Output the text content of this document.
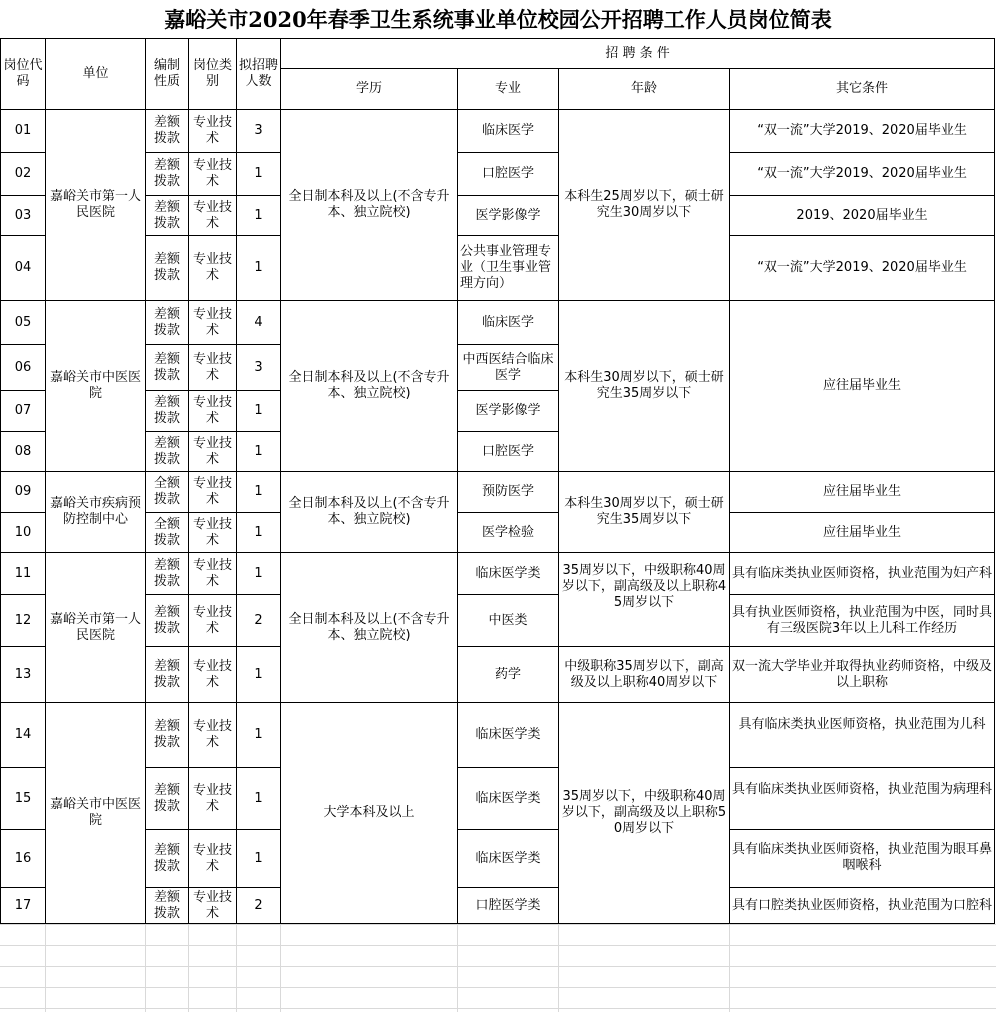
嘉峪关市2020年春季卫生系统事业单位校园公开招聘工作人员岗位简表
岗位代码	单位	编制性质	岗位类别	拟招聘人数	招 聘 条 件			
					学历	专业	年龄	其它条件
01	嘉峪关市第一人民医院	差额拨款	专业技术	3	全日制本科及以上(不含专升本、独立院校)	临床医学	本科生25周岁以下，硕士研究生30周岁以下	“双一流”大学2019、2020届毕业生
02		差额拨款	专业技术	1		口腔医学		“双一流”大学2019、2020届毕业生
03		差额拨款	专业技术	1		医学影像学		2019、2020届毕业生
04		差额拨款	专业技术	1		公共事业管理专业（卫生事业管理方向）		“双一流”大学2019、2020届毕业生
05	嘉峪关市中医医院	差额拨款	专业技术	4	全日制本科及以上(不含专升本、独立院校)	临床医学	本科生30周岁以下，硕士研究生35周岁以下	应往届毕业生
06		差额拨款	专业技术	3		中西医结合临床医学		
07		差额拨款	专业技术	1		医学影像学		
08		差额拨款	专业技术	1		口腔医学		
09	嘉峪关市疾病预防控制中心	全额拨款	专业技术	1	全日制本科及以上(不含专升本、独立院校)	预防医学	本科生30周岁以下，硕士研究生35周岁以下	应往届毕业生
10		全额拨款	专业技术	1		医学检验		应往届毕业生
11	嘉峪关市第一人民医院	差额拨款	专业技术	1	全日制本科及以上(不含专升本、独立院校)	临床医学类	35周岁以下，中级职称40周岁以下，副高级及以上职称45周岁以下	具有临床类执业医师资格，执业范围为妇产科
12		差额拨款	专业技术	2		中医类		具有执业医师资格，执业范围为中医，同时具有三级医院3年以上儿科工作经历
13		差额拨款	专业技术	1		药学	中级职称35周岁以下，副高级及以上职称40周岁以下	双一流大学毕业并取得执业药师资格，中级及以上职称
14	嘉峪关市中医医院	差额拨款	专业技术	1	大学本科及以上	临床医学类	35周岁以下，中级职称40周岁以下，副高级及以上职称50周岁以下	具有临床类执业医师资格，执业范围为儿科
15		差额拨款	专业技术	1		临床医学类		具有临床类执业医师资格，执业范围为病理科
16		差额拨款	专业技术	1		临床医学类		具有临床类执业医师资格，执业范围为眼耳鼻咽喉科
17		差额拨款	专业技术	2		口腔医学类		具有口腔类执业医师资格，执业范围为口腔科
